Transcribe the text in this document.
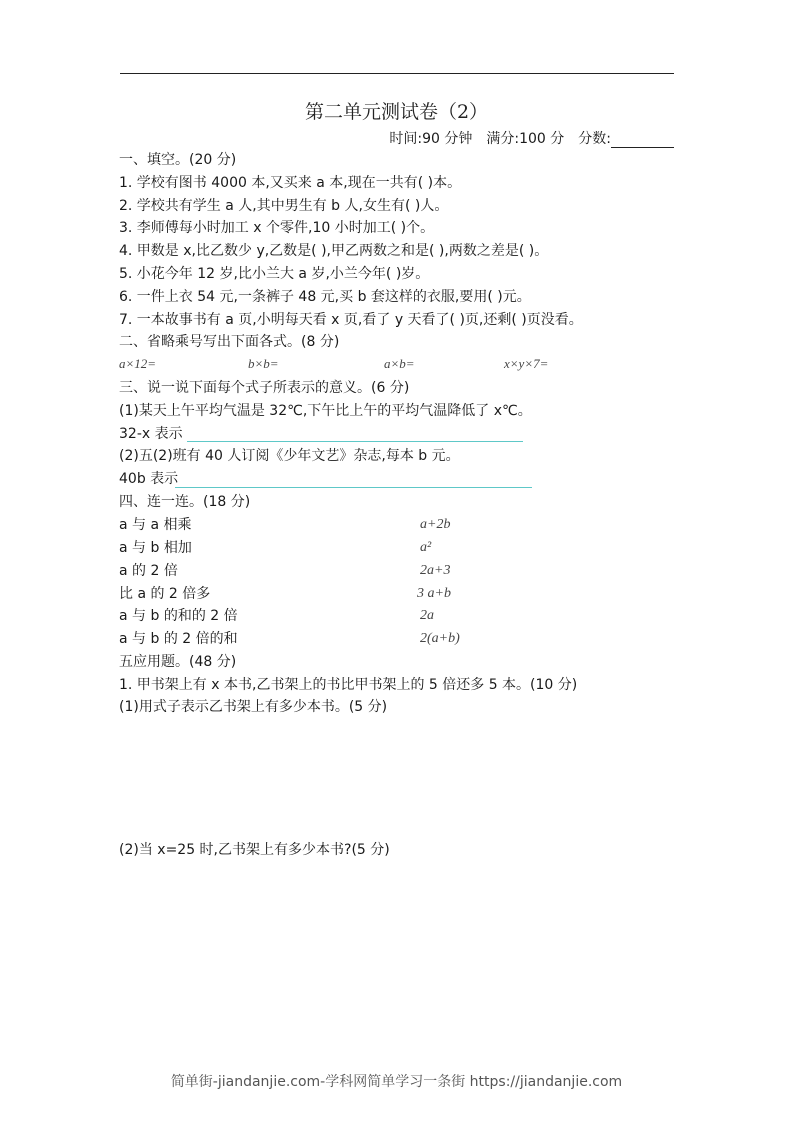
第二单元测试卷（2）
时间:90 分钟 满分:100 分 分数:
一、填空。(20 分)
1. 学校有图书 4000 本,又买来 a 本,现在一共有( )本。
2. 学校共有学生 a 人,其中男生有 b 人,女生有( )人。
3. 李师傅每小时加工 x 个零件,10 小时加工( )个。
4. 甲数是 x,比乙数少 y,乙数是( ),甲乙两数之和是( ),两数之差是( )。
5. 小花今年 12 岁,比小兰大 a 岁,小兰今年( )岁。
6. 一件上衣 54 元,一条裤子 48 元,买 b 套这样的衣服,要用( )元。
7. 一本故事书有 a 页,小明每天看 x 页,看了 y 天看了( )页,还剩( )页没看。
二、省略乘号写出下面各式。(8 分)
a×12=	b×b=	a×b=	x×y×7=
三、说一说下面每个式子所表示的意义。(6 分)
(1)某天上午平均气温是 32℃,下午比上午的平均气温降低了 x℃。
32-x 表示
(2)五(2)班有 40 人订阅《少年文艺》杂志,每本 b 元。
40b 表示
四、连一连。(18 分)
a 与 a 相乘
a 与 b 相加
a 的 2 倍
比 a 的 2 倍多
a 与 b 的和的 2 倍
a 与 b 的 2 倍的和
a+2b
a²
2a+3
3 a+b
2a
2(a+b)
五应用题。(48 分)
1. 甲书架上有 x 本书,乙书架上的书比甲书架上的 5 倍还多 5 本。(10 分)
(1)用式子表示乙书架上有多少本书。(5 分)
(2)当 x=25 时,乙书架上有多少本书?(5 分)
简单街-jiandanjie.com-学科网简单学习一条街 https://jiandanjie.com
